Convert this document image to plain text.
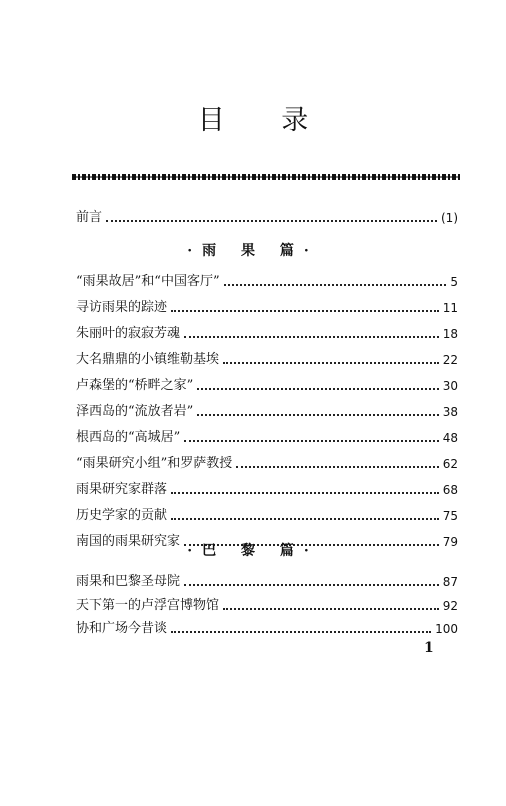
目 录
前言	(1)
·雨 果 篇·
“雨果故居”和“中国客厅”	5
寻访雨果的踪迹	11
朱丽叶的寂寂芳魂	18
大名鼎鼎的小镇维勒基埃	22
卢森堡的“桥畔之家”	30
泽西岛的“流放者岩”	38
根西岛的“高城居”	48
“雨果研究小组”和罗萨教授	62
雨果研究家群落	68
历史学家的贡献	75
南国的雨果研究家	79
·巴 黎 篇·
雨果和巴黎圣母院	87
天下第一的卢浮宫博物馆	92
协和广场今昔谈	100
1
